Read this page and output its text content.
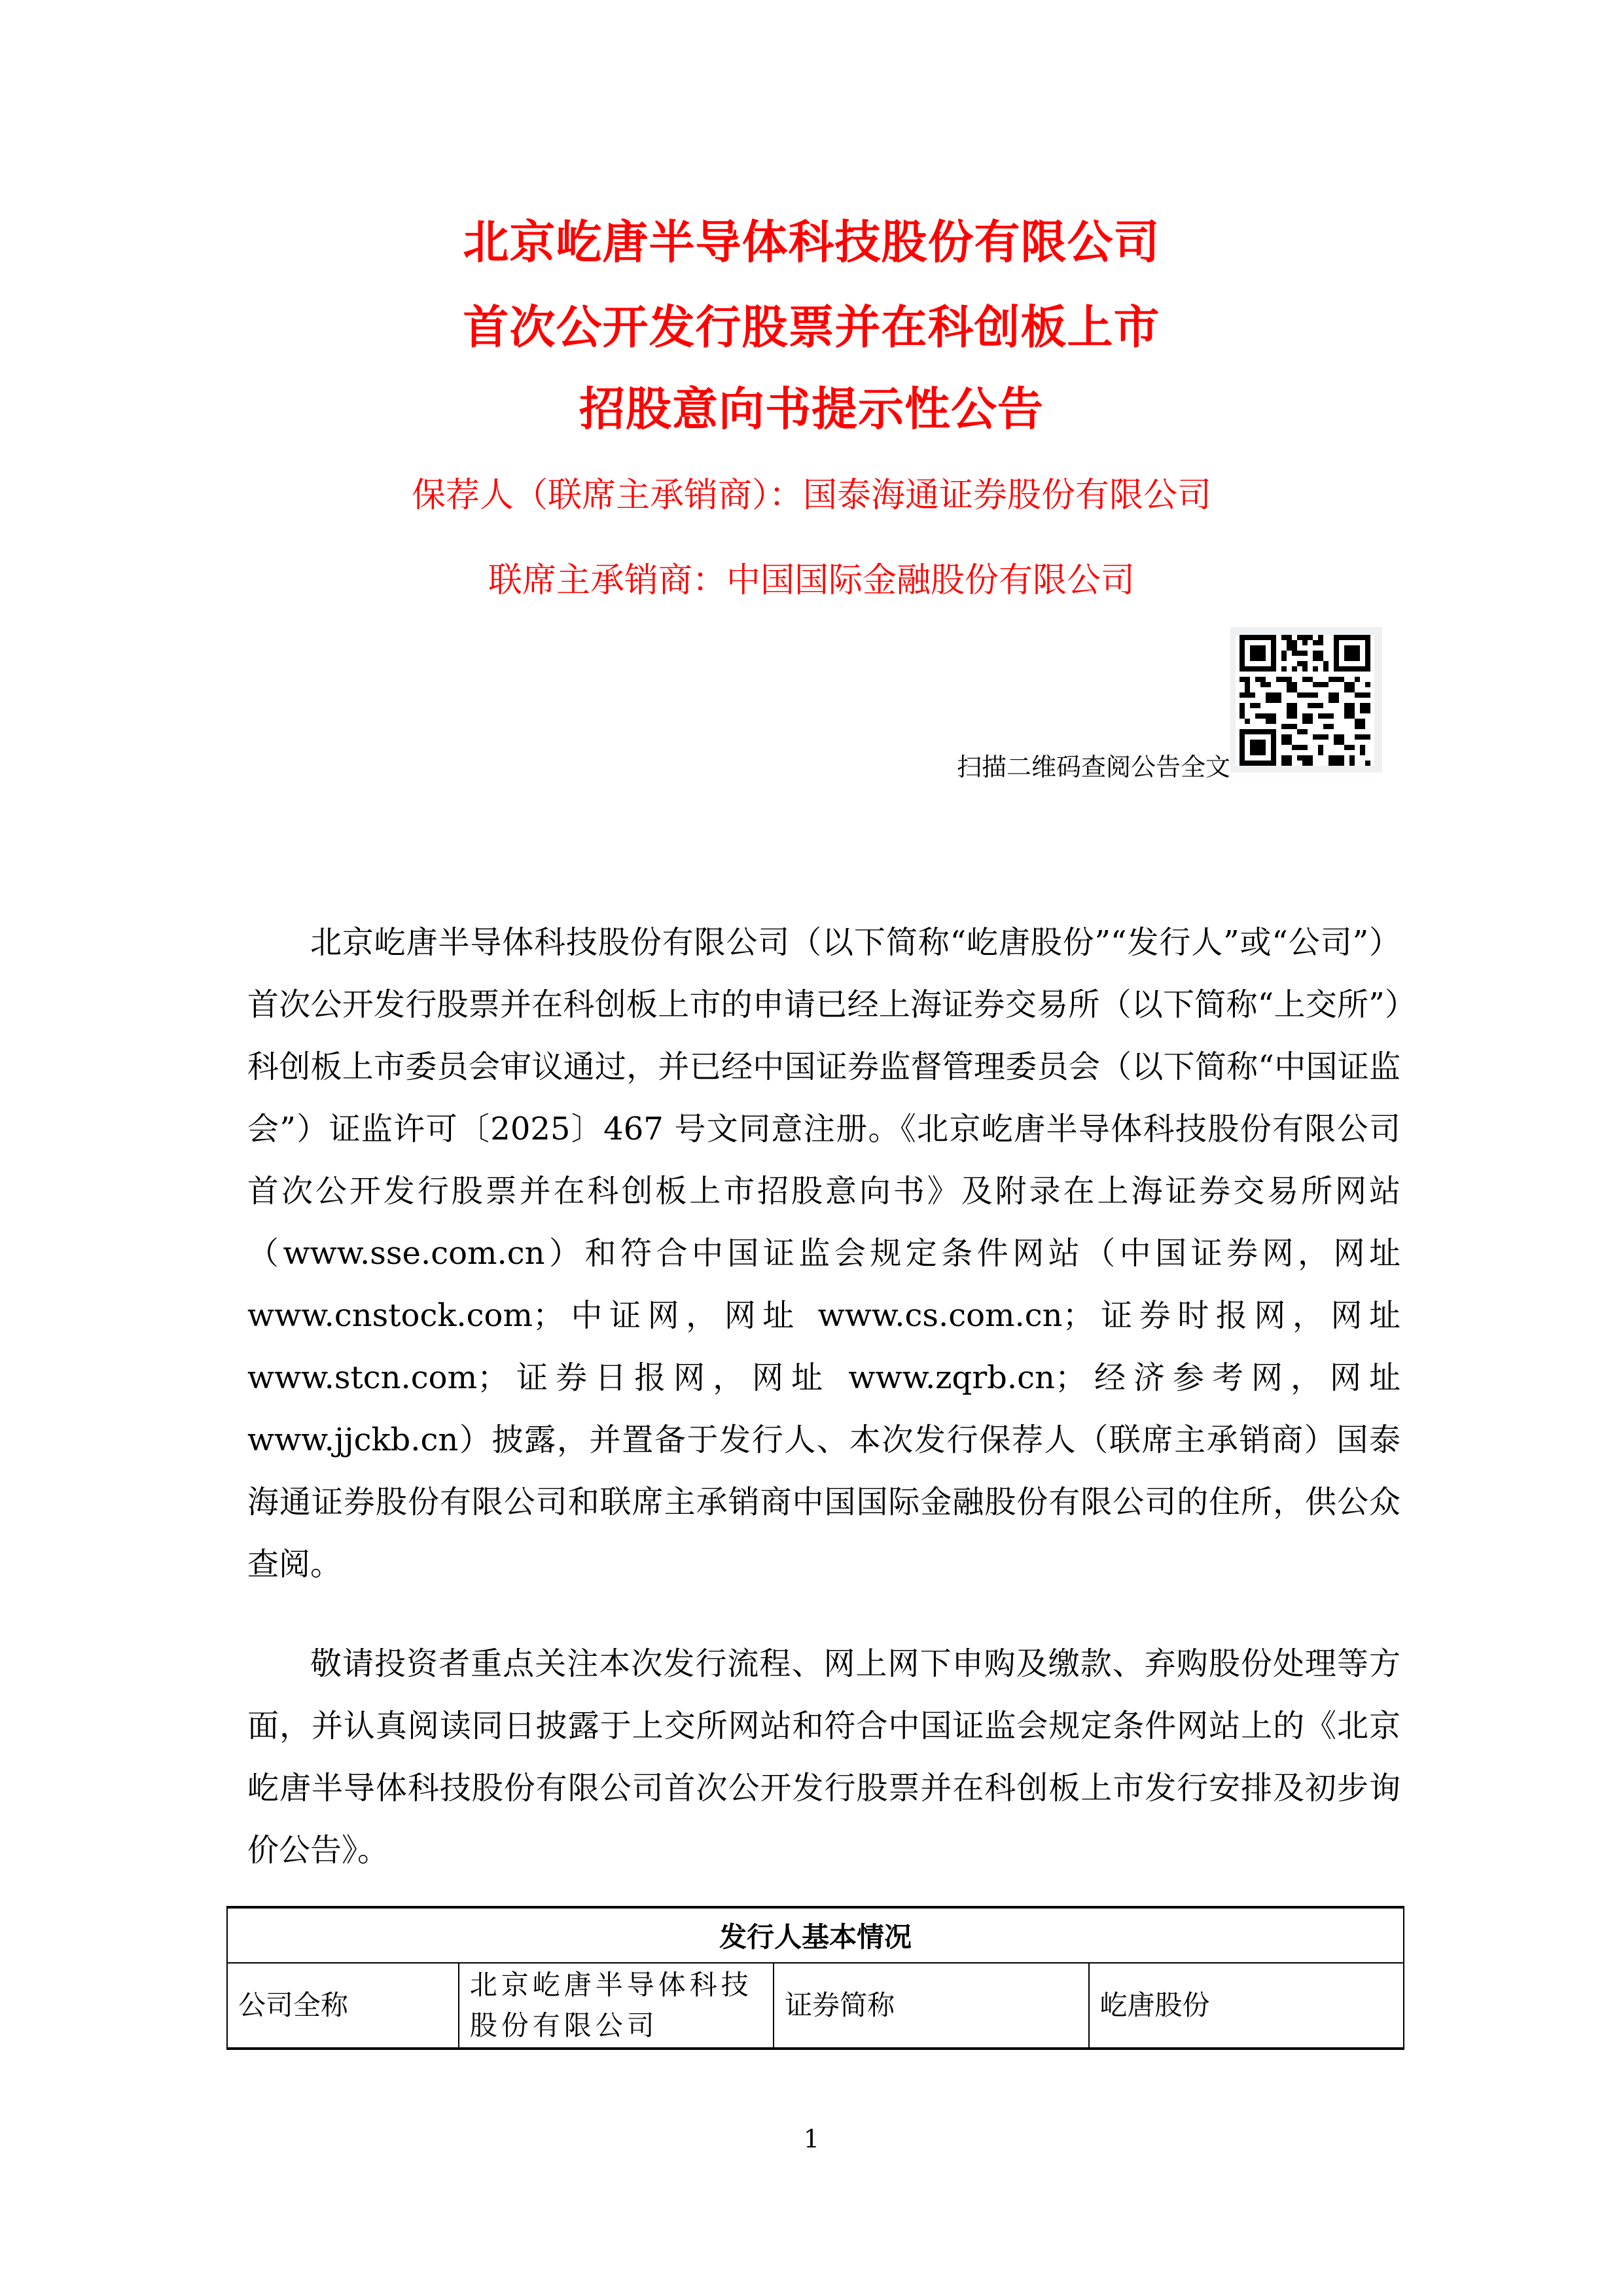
北京屹唐半导体科技股份有限公司
首次公开发行股票并在科创板上市
招股意向书提示性公告
保荐人（联席主承销商）：国泰海通证券股份有限公司
联席主承销商：中国国际金融股份有限公司
扫描二维码查阅公告全文

北京屹唐半导体科技股份有限公司（以下简称“屹唐股份”“发行人”或“公司”）首次公开发行股票并在科创板上市的申请已经上海证券交易所（以下简称“上交所”）科创板上市委员会审议通过，并已经中国证券监督管理委员会（以下简称“中国证监会”）证监许可〔2025〕467 号文同意注册。《北京屹唐半导体科技股份有限公司首次公开发行股票并在科创板上市招股意向书》及附录在上海证券交易所网站（www.sse.com.cn）和符合中国证监会规定条件网站（中国证券网，网址 www.cnstock.com；中证网，网址 www.cs.com.cn；证券时报网，网址 www.stcn.com；证券日报网，网址 www.zqrb.cn；经济参考网，网址 www.jjckb.cn）披露，并置备于发行人、本次发行保荐人（联席主承销商）国泰海通证券股份有限公司和联席主承销商中国国际金融股份有限公司的住所，供公众查阅。

敬请投资者重点关注本次发行流程、网上网下申购及缴款、弃购股份处理等方面，并认真阅读同日披露于上交所网站和符合中国证监会规定条件网站上的《北京屹唐半导体科技股份有限公司首次公开发行股票并在科创板上市发行安排及初步询价公告》。

发行人基本情况
公司全称	北京屹唐半导体科技股份有限公司	证券简称	屹唐股份
1
